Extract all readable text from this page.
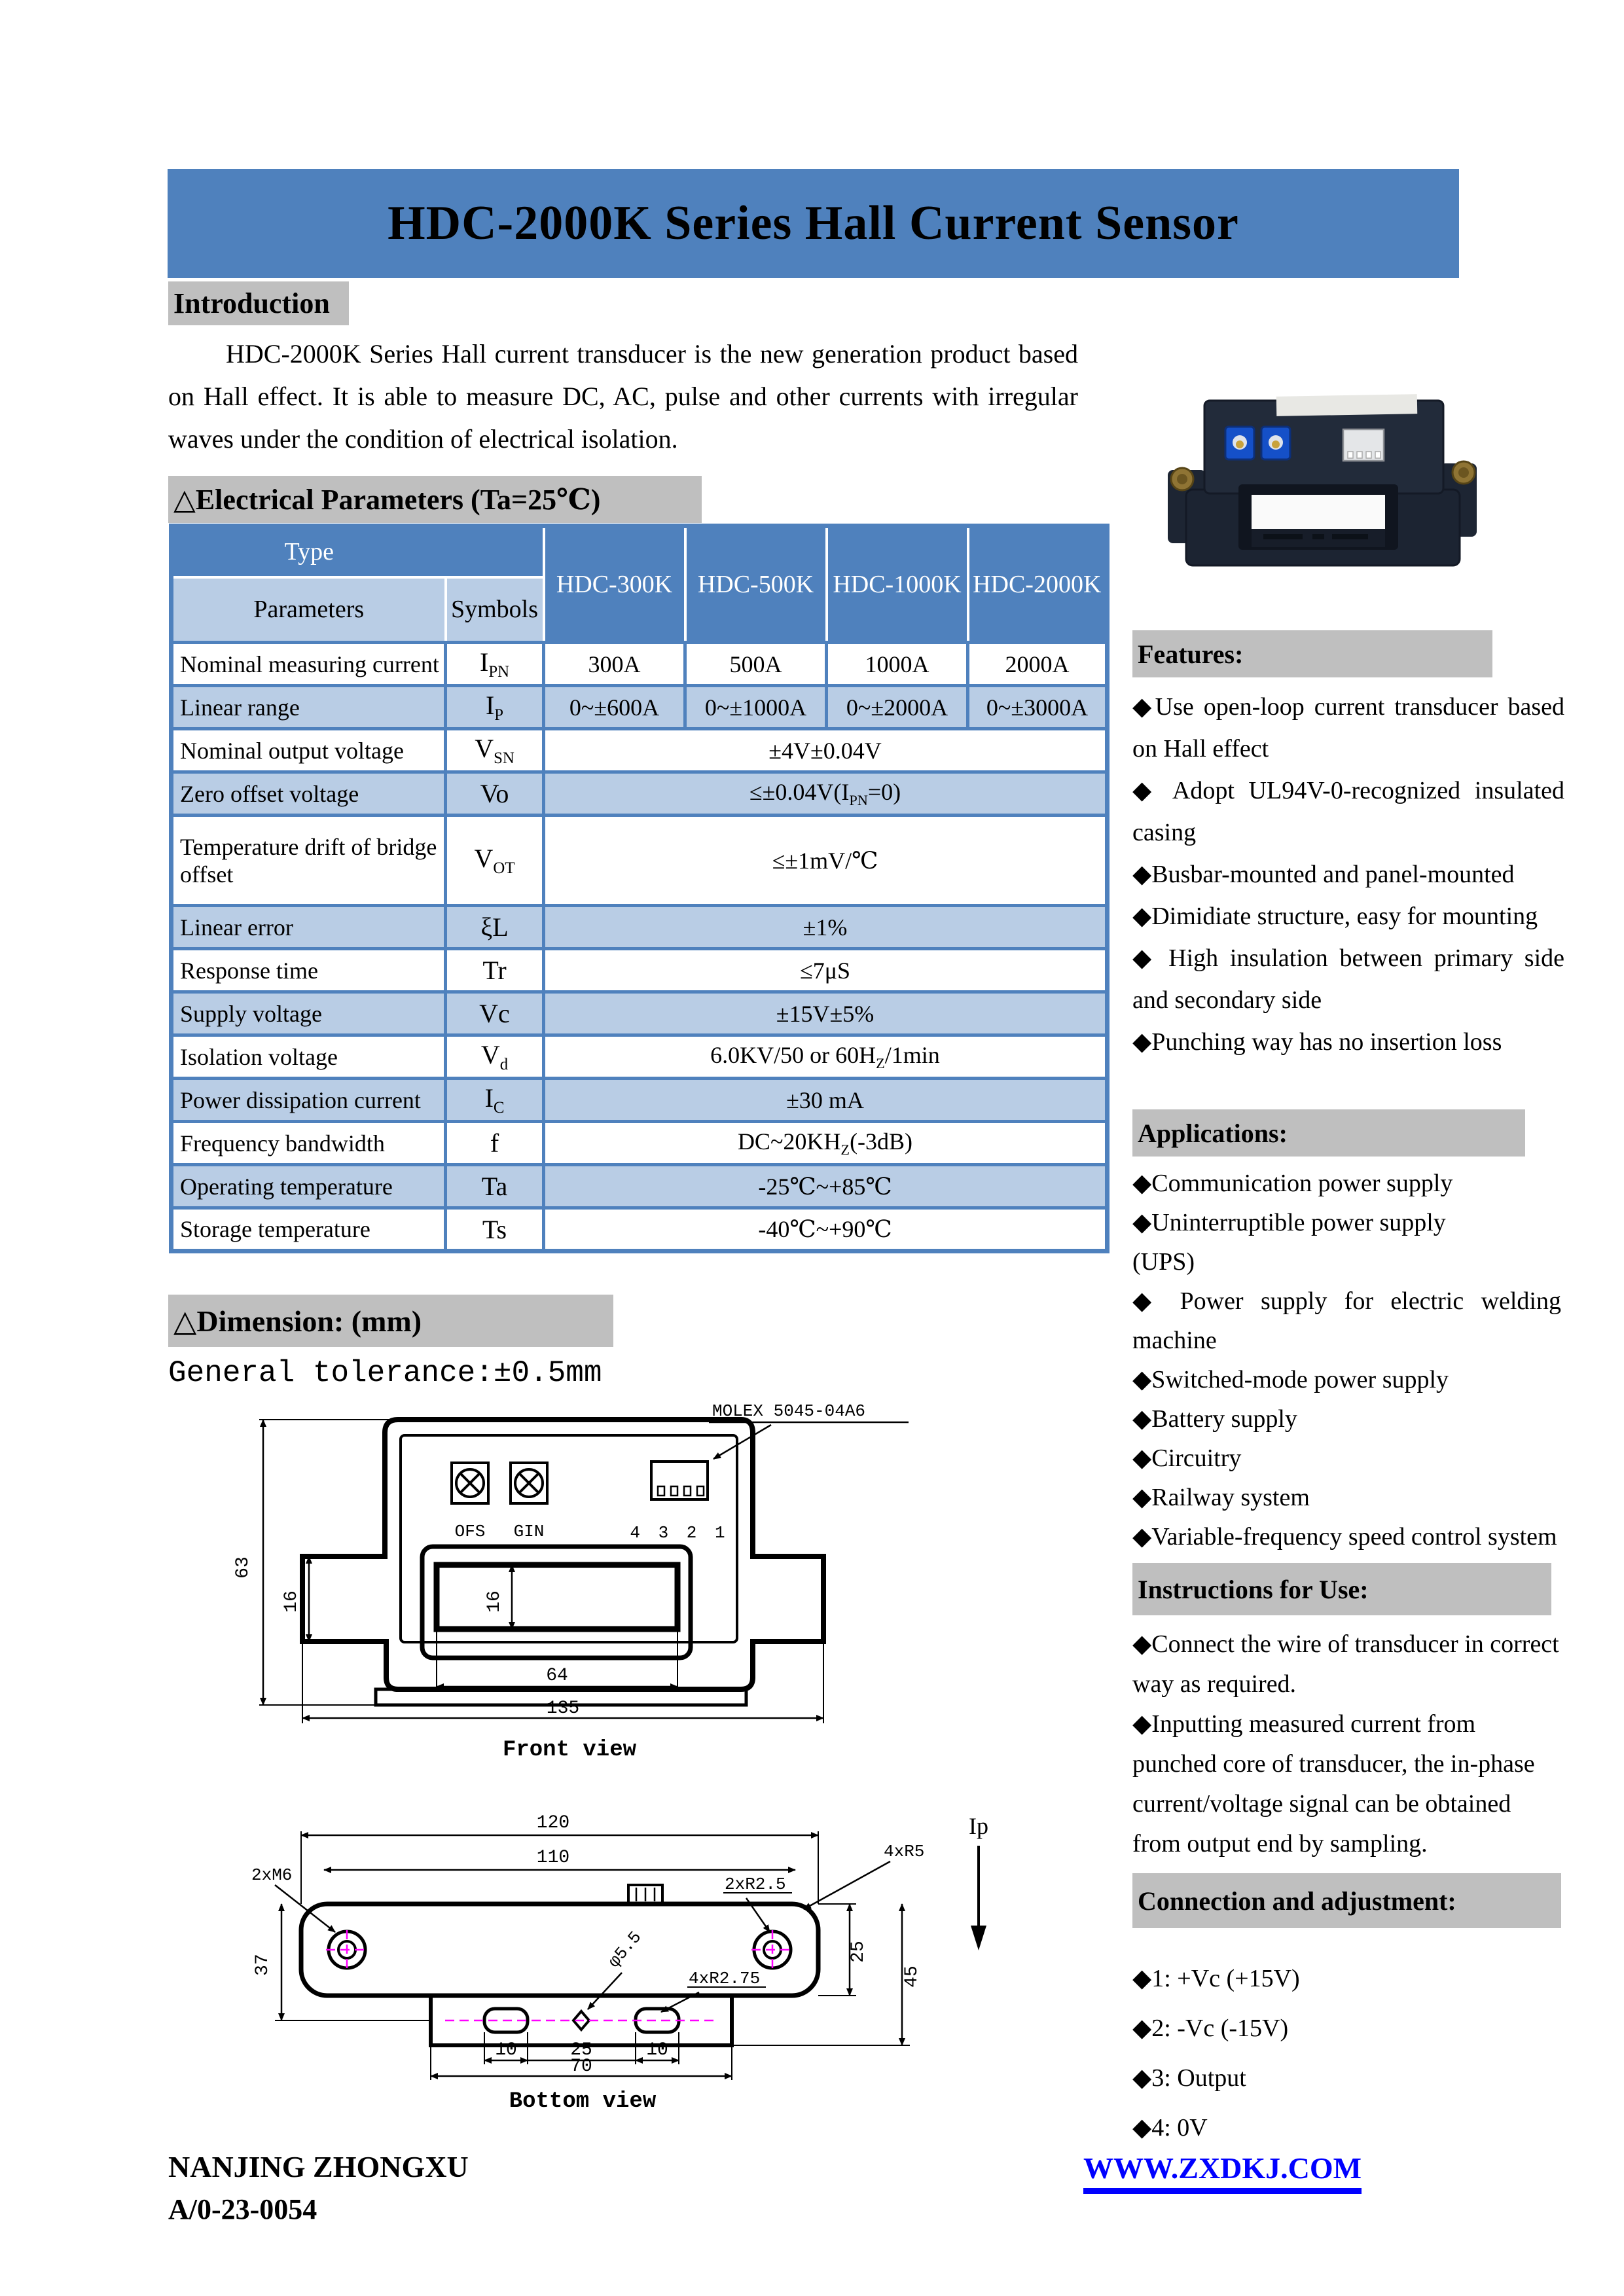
HDC-2000K Series Hall Current Sensor
Introduction
HDC-2000K Series Hall current transducer is the new generation product based on Hall effect. It is able to measure DC, AC, pulse and other currents with irregular waves under the condition of electrical isolation.
△Electrical Parameters (Ta=25℃)
Type		HDC-300K	HDC-500K	HDC-1000K	HDC-2000K
Parameters	Symbols				
Nominal measuring current	$I_{PN}$	300A	500A	1000A	2000A
Linear range	$I_P$	0~±600A	0~±1000A	0~±2000A	0~±3000A
Nominal output voltage	$V_{SN}$	±4V±0.04V			
Zero offset voltage	Vo	$\le\pm 0.04V(I_{PN}=0)$			
Temperature drift of bridge offset	$V_{OT}$	≤±1mV/℃			
Linear error	ξL	±1%			
Response time	Tr	≤7μS			
Supply voltage	Vc	±15V±5%			
Isolation voltage	$V_d$	6.0KV/50 or $60H_Z/1\min$			
Power dissipation current	$I_C$	±30 mA			
Frequency bandwidth	f	$DC\sim 20KH_Z(-3dB)$			
Operating temperature	Ta	-25℃~+85℃			
Storage temperature	Ts	-40℃~+90℃			
△Dimension: (mm)
General tolerance:±0.5mm
MOLEX 5045-04A6
OFS GIN	4 3 2 1
63
16	16
64
135
Front view
2xM6
4xR5
2xR2.5
φ5.5
4xR2.75
120
110
25
45
37
10	25	10
70
Ip
Bottom view
Features:
◆Use open-loop current transducer based on Hall effect
◆ Adopt UL94V-0-recognized insulated casing
◆Busbar-mounted and panel-mounted
◆Dimidiate structure, easy for mounting
◆ High insulation between primary side and secondary side
◆Punching way has no insertion loss
Applications:
◆Communication power supply
◆Uninterruptible power supply
(UPS)
◆ Power supply for electric welding machine
◆Switched-mode power supply
◆Battery supply
◆Circuitry
◆Railway system
◆Variable-frequency speed control system
Instructions for Use:
◆Connect the wire of transducer in correct
way as required.
◆Inputting measured current from
punched core of transducer, the in-phase
current/voltage signal can be obtained
from output end by sampling.
Connection and adjustment:
◆1: +Vc (+15V)
◆2: -Vc (-15V)
◆3: Output
◆4: 0V
NANJING ZHONGXU
A/0-23-0054
WWW.ZXDKJ.COM
